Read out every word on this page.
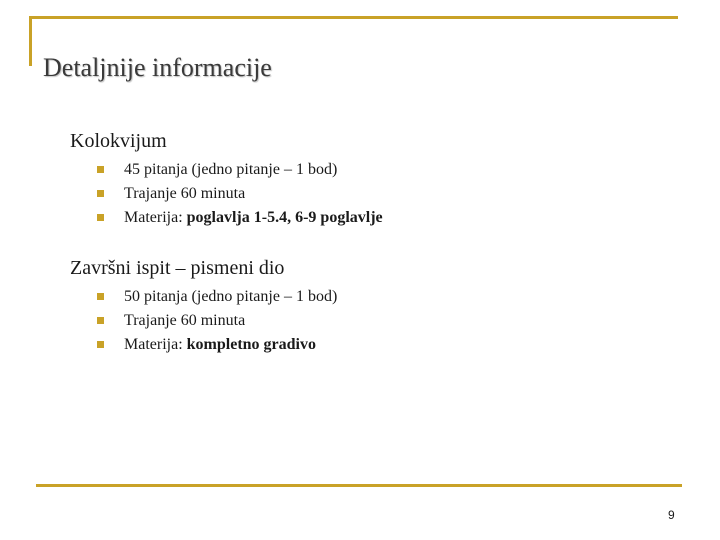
Detaljnije informacije
Kolokvijum
45 pitanja (jedno pitanje – 1 bod)
Trajanje 60 minuta
Materija: poglavlja 1-5.4, 6-9 poglavlje
Završni ispit – pismeni dio
50 pitanja (jedno pitanje – 1 bod)
Trajanje 60 minuta
Materija: kompletno gradivo
9
